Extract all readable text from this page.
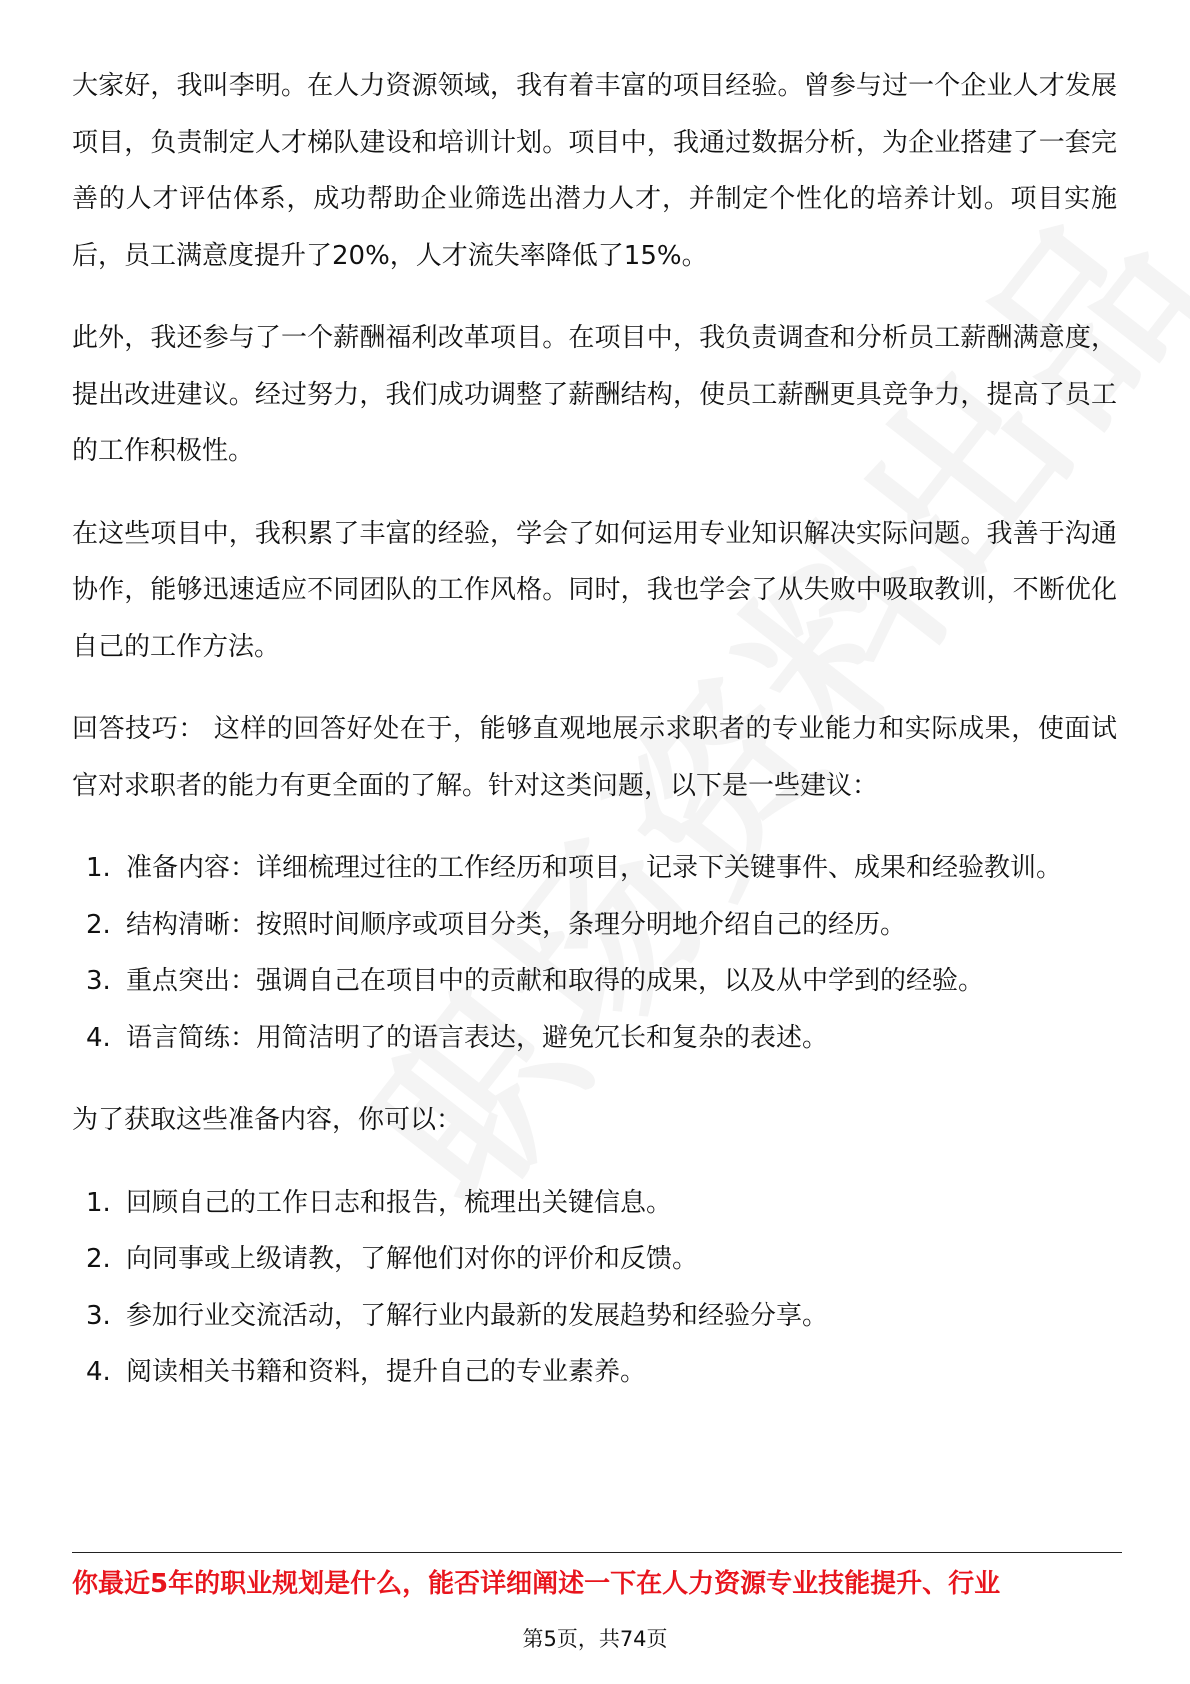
大家好，我叫李明。在人力资源领域，我有着丰富的项目经验。曾参与过一个企业人才发展项目，负责制定人才梯队建设和培训计划。项目中，我通过数据分析，为企业搭建了一套完善的人才评估体系，成功帮助企业筛选出潜力人才，并制定个性化的培养计划。项目实施后，员工满意度提升了20%，人才流失率降低了15%。

此外，我还参与了一个薪酬福利改革项目。在项目中，我负责调查和分析员工薪酬满意度，提出改进建议。经过努力，我们成功调整了薪酬结构，使员工薪酬更具竞争力，提高了员工的工作积极性。

在这些项目中，我积累了丰富的经验，学会了如何运用专业知识解决实际问题。我善于沟通协作，能够迅速适应不同团队的工作风格。同时，我也学会了从失败中吸取教训，不断优化自己的工作方法。

回答技巧： 这样的回答好处在于，能够直观地展示求职者的专业能力和实际成果，使面试官对求职者的能力有更全面的了解。针对这类问题，以下是一些建议：

1. 准备内容：详细梳理过往的工作经历和项目，记录下关键事件、成果和经验教训。
2. 结构清晰：按照时间顺序或项目分类，条理分明地介绍自己的经历。
3. 重点突出：强调自己在项目中的贡献和取得的成果，以及从中学到的经验。
4. 语言简练：用简洁明了的语言表达，避免冗长和复杂的表述。

为了获取这些准备内容，你可以：

1. 回顾自己的工作日志和报告，梳理出关键信息。
2. 向同事或上级请教，了解他们对你的评价和反馈。
3. 参加行业交流活动，了解行业内最新的发展趋势和经验分享。
4. 阅读相关书籍和资料，提升自己的专业素养。
你最近5年的职业规划是什么，能否详细阐述一下在人力资源专业技能提升、行业
第5页，共74页
